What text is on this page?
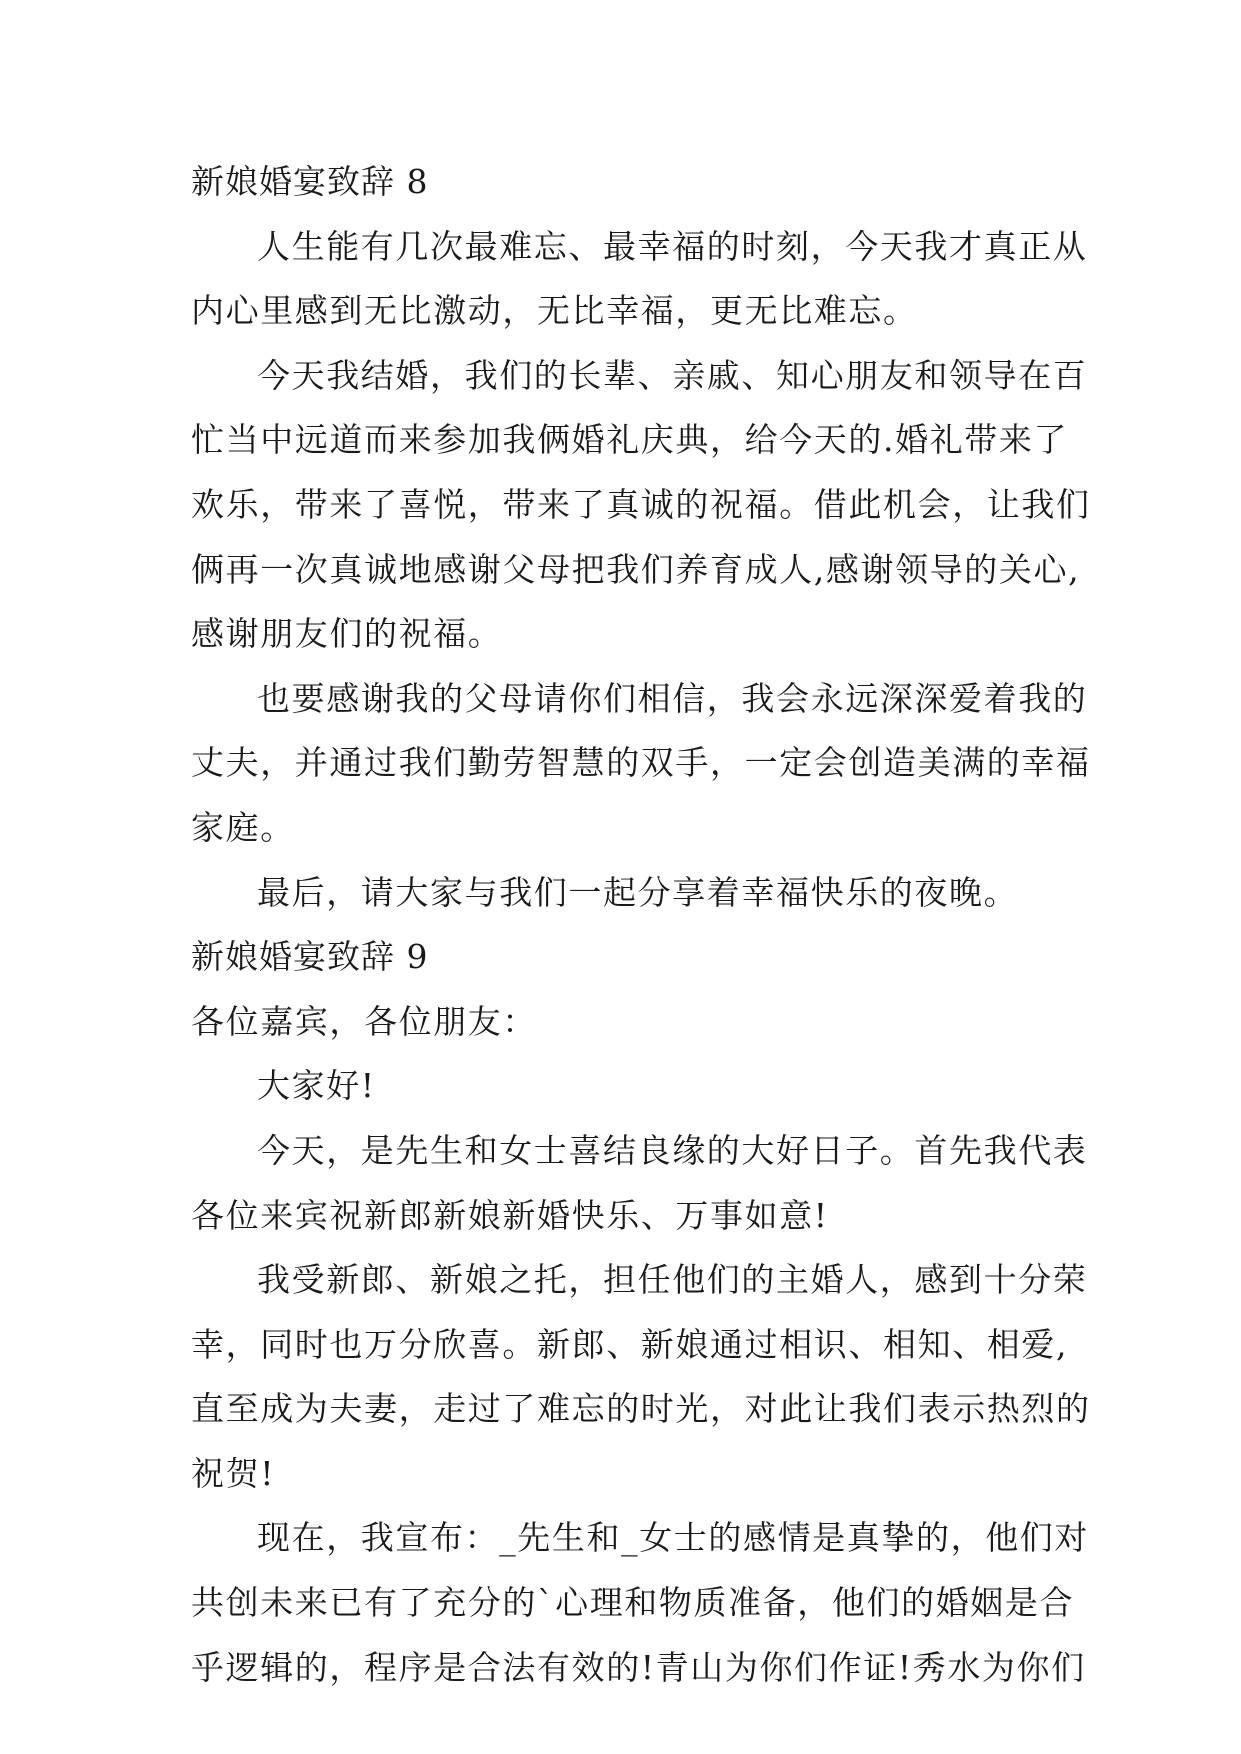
新娘婚宴致辞 8
人生能有几次最难忘、最幸福的时刻，今天我才真正从
内心里感到无比激动，无比幸福，更无比难忘。
今天我结婚，我们的长辈、亲戚、知心朋友和领导在百
忙当中远道而来参加我俩婚礼庆典，给今天的.婚礼带来了
欢乐，带来了喜悦，带来了真诚的祝福。借此机会，让我们
俩再一次真诚地感谢父母把我们养育成人,感谢领导的关心,
感谢朋友们的祝福。
也要感谢我的父母请你们相信，我会永远深深爱着我的
丈夫，并通过我们勤劳智慧的双手，一定会创造美满的幸福
家庭。
最后，请大家与我们一起分享着幸福快乐的夜晚。
新娘婚宴致辞 9
各位嘉宾，各位朋友：
大家好!
今天，是先生和女士喜结良缘的大好日子。首先我代表
各位来宾祝新郎新娘新婚快乐、万事如意!
我受新郎、新娘之托，担任他们的主婚人，感到十分荣
幸，同时也万分欣喜。新郎、新娘通过相识、相知、相爱,
直至成为夫妻，走过了难忘的时光，对此让我们表示热烈的
祝贺!
现在，我宣布：_先生和_女士的感情是真挚的，他们对
共创未来已有了充分的`心理和物质准备，他们的婚姻是合
乎逻辑的，程序是合法有效的!青山为你们作证!秀水为你们
